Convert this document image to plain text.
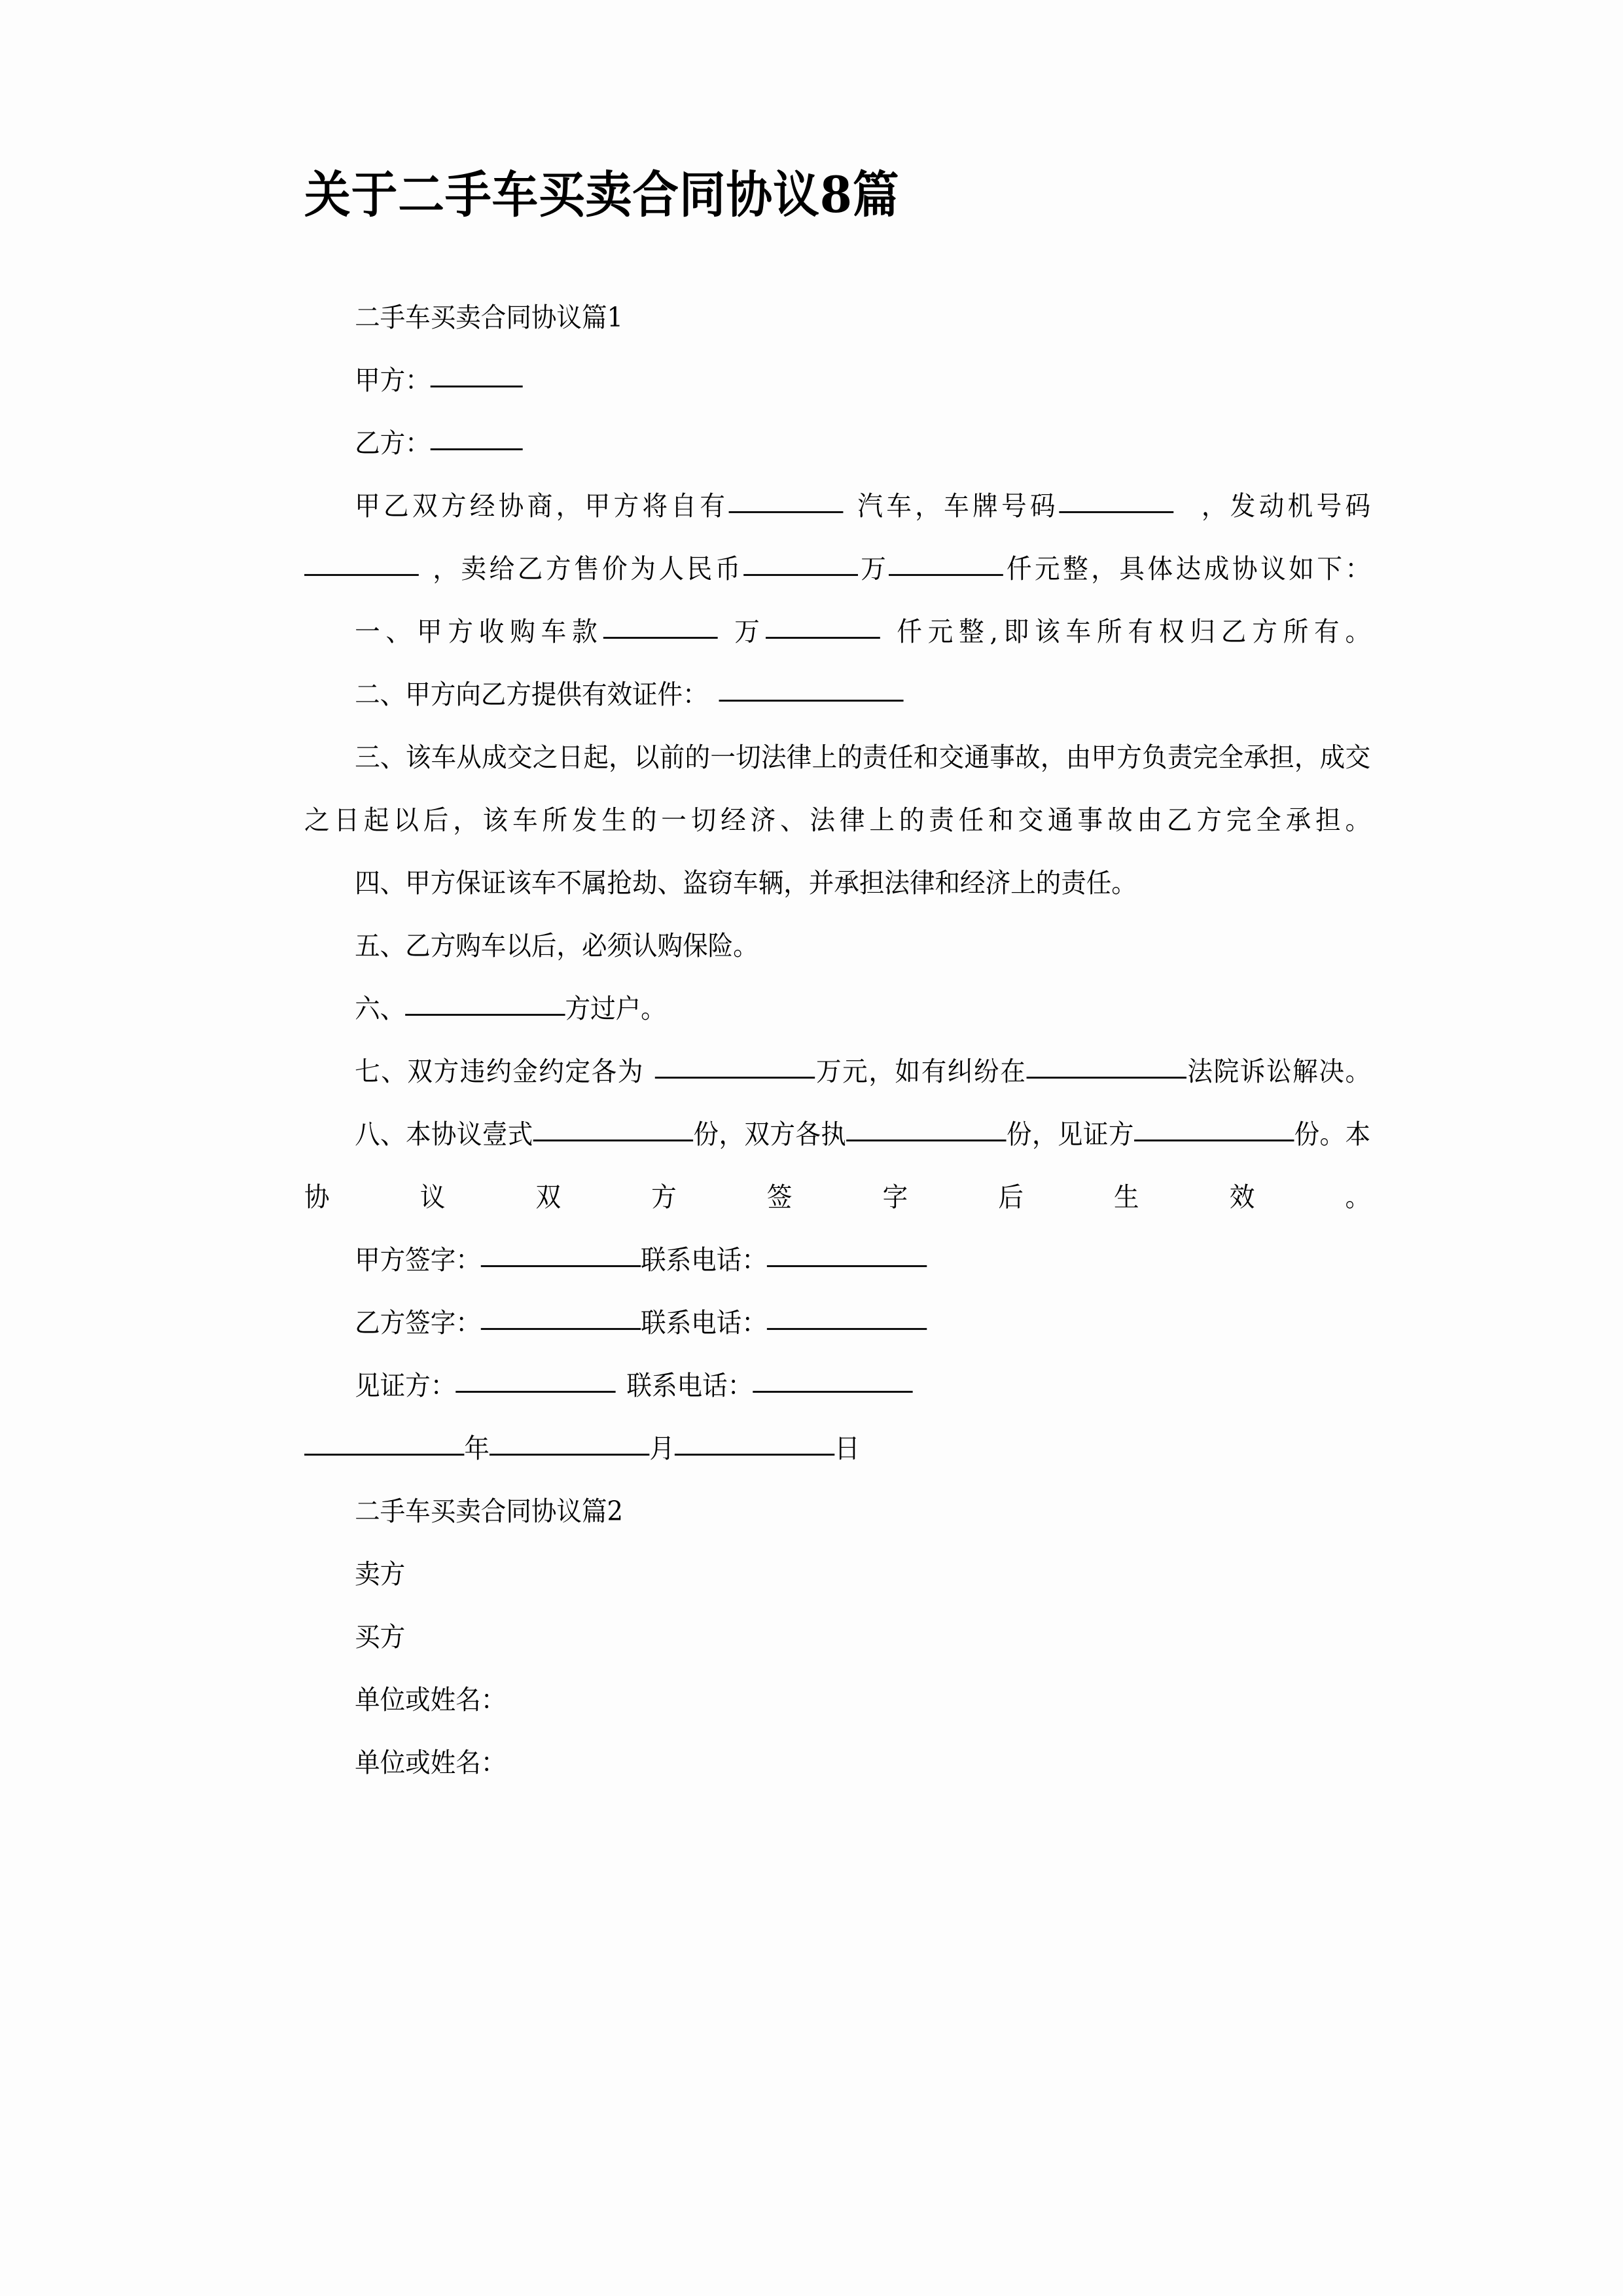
关于二手车买卖合同协议8篇

二手车买卖合同协议篇1

甲方：

乙方：

甲乙双方经协商，甲方将自有	汽车，车牌号码	，发动机号码，卖给乙方售价为人民币	万	仟元整，具体达成协议如下：

一、甲方收购车款	万	仟元整,即该车所有权归乙方所有。

二、甲方向乙方提供有效证件：

三、该车从成交之日起，以前的一切法律上的责任和交通事故，由甲方负责完全承担，成交之日起以后，该车所发生的一切经济、法律上的责任和交通事故由乙方完全承担。

四、甲方保证该车不属抢劫、盗窃车辆，并承担法律和经济上的责任。

五、乙方购车以后，必须认购保险。

六、	方过户。

七、双方违约金约定各为	万元，如有纠纷在	法院诉讼解决。

八、本协议壹式	份，双方各执	份，见证方	份。本协议双方签字后生效。

甲方签字：	联系电话：

乙方签字：	联系电话：

见证方：	联系电话：

年	月	日

二手车买卖合同协议篇2

卖方

买方

单位或姓名：

单位或姓名：
